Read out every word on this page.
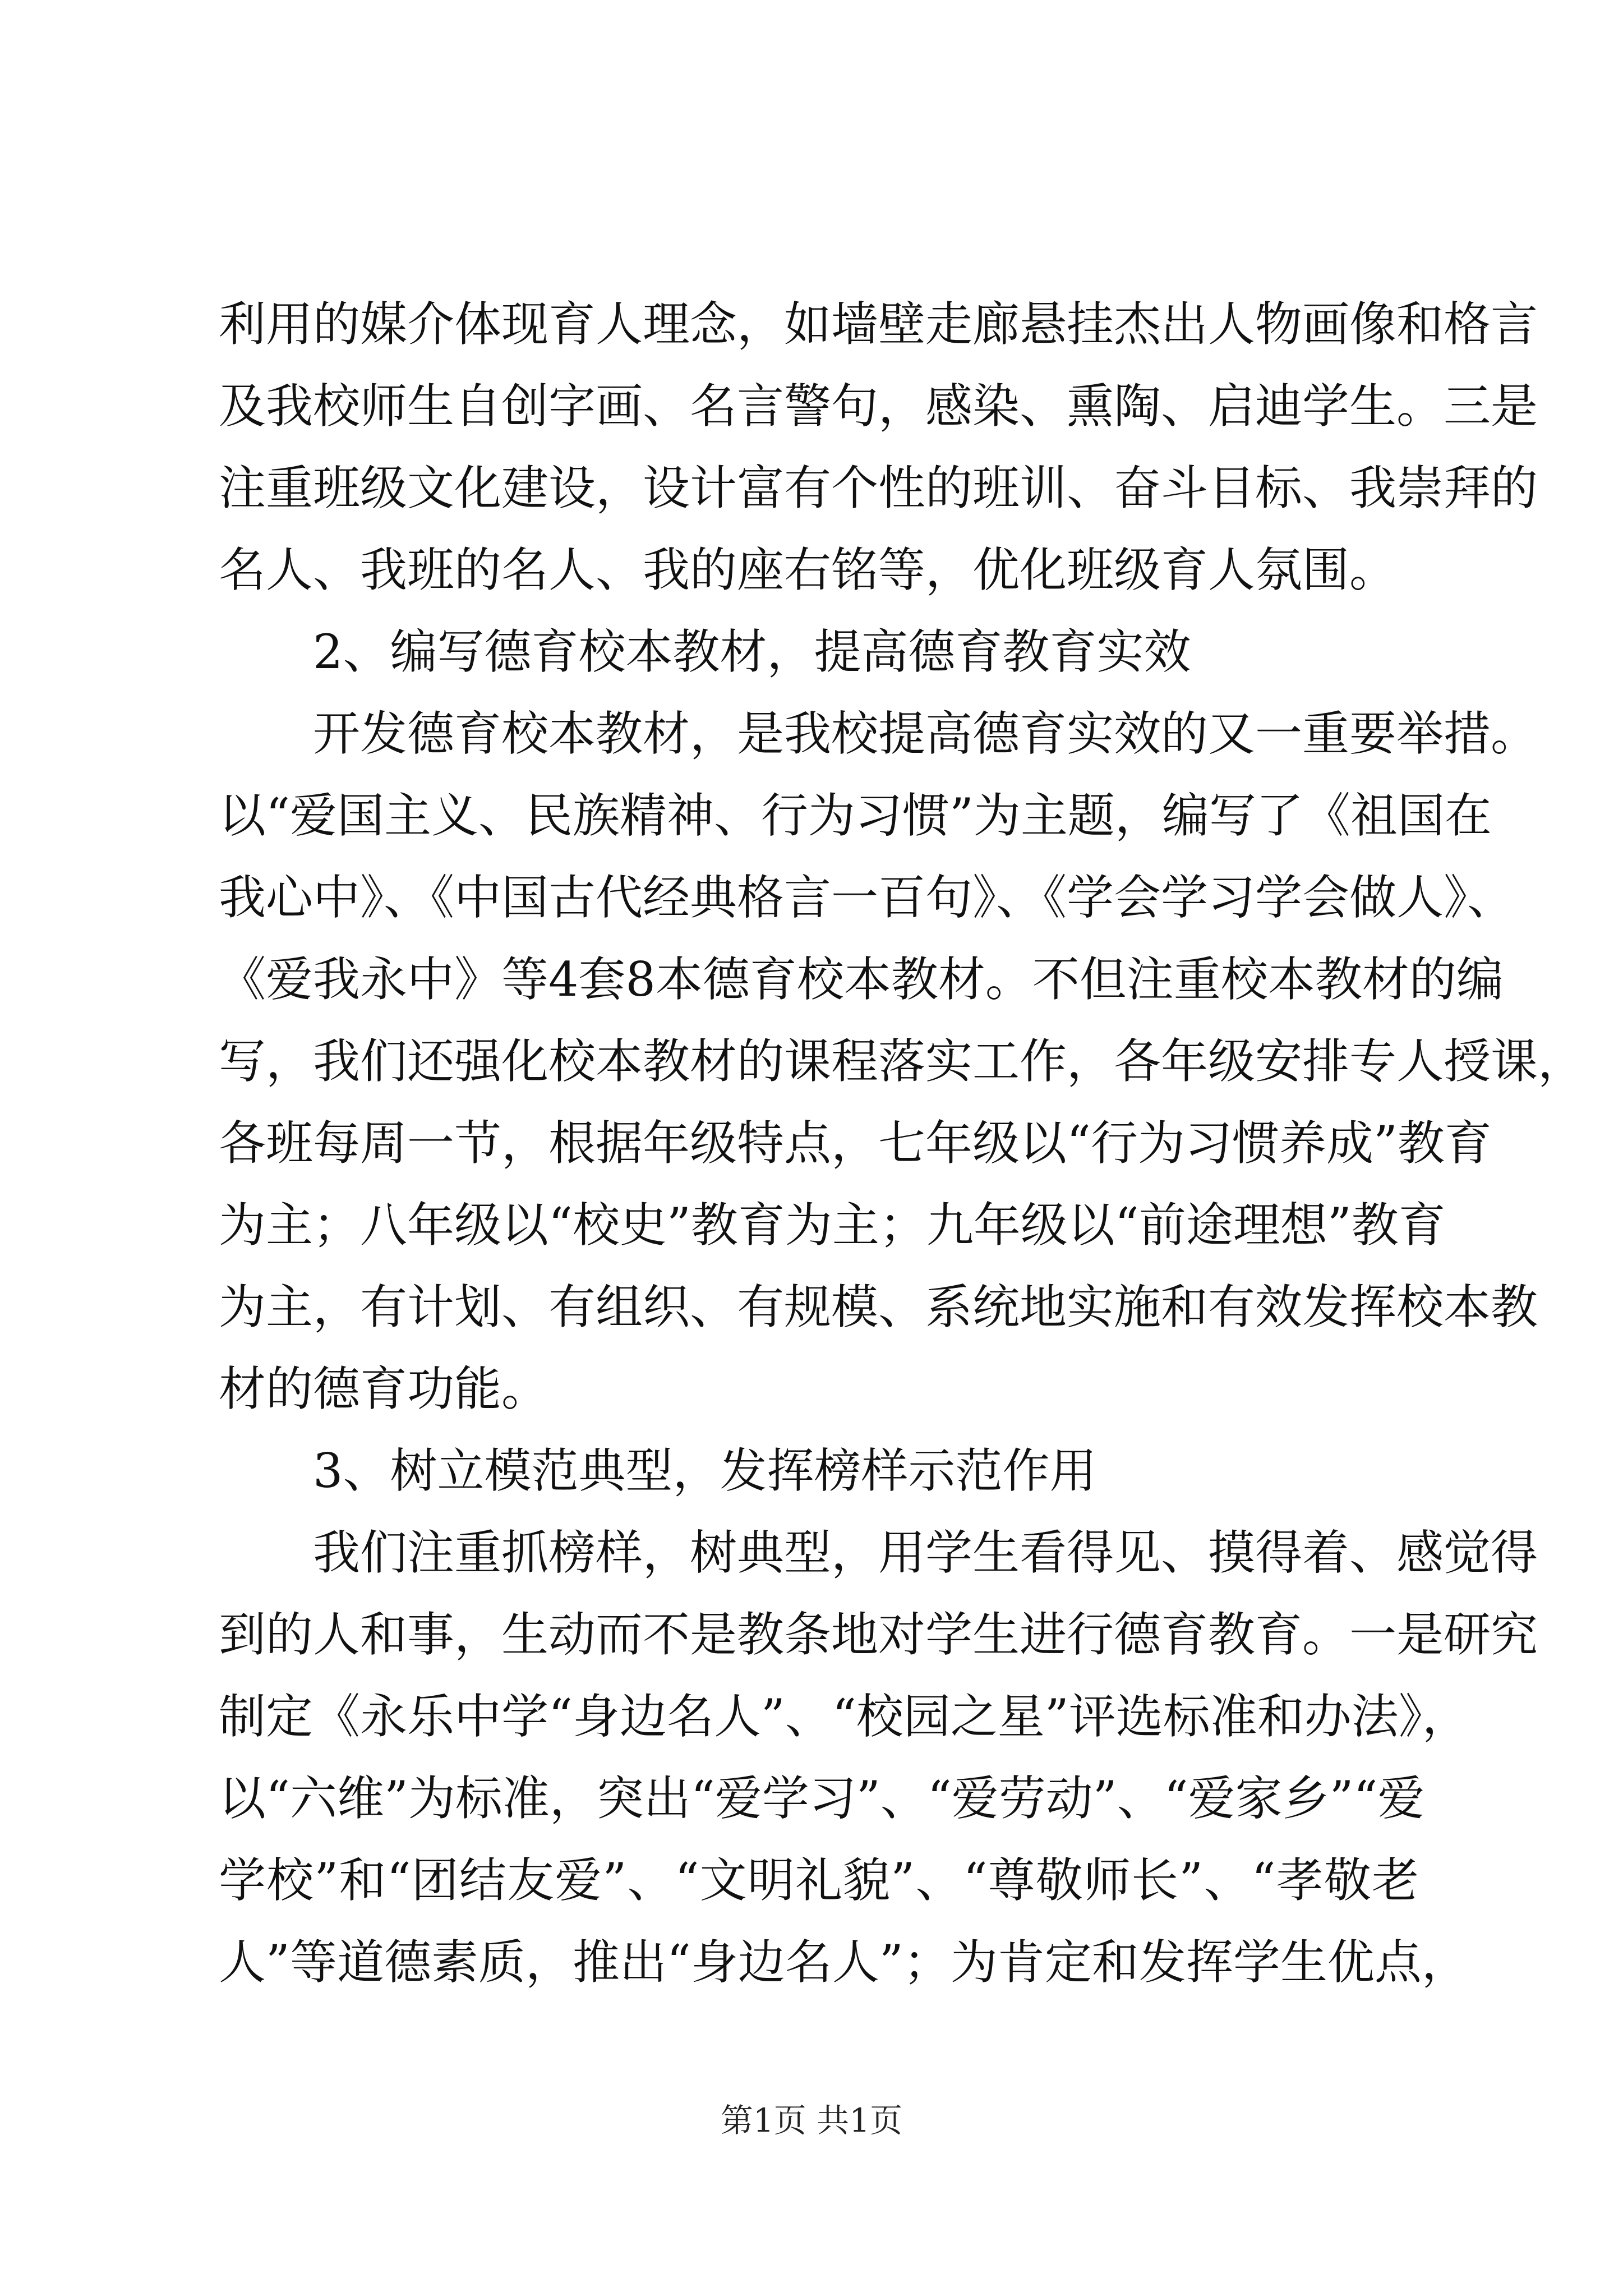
利用的媒介体现育人理念，如墙壁走廊悬挂杰出人物画像和格言
及我校师生自创字画、名言警句，感染、熏陶、启迪学生。三是
注重班级文化建设，设计富有个性的班训、奋斗目标、我崇拜的
名人、我班的名人、我的座右铭等，优化班级育人氛围。
2、编写德育校本教材，提高德育教育实效
开发德育校本教材，是我校提高德育实效的又一重要举措。
以“爱国主义、民族精神、行为习惯”为主题，编写了《祖国在
我心中》、《中国古代经典格言一百句》、《学会学习学会做人》、
《爱我永中》等4套8本德育校本教材。不但注重校本教材的编
写，我们还强化校本教材的课程落实工作，各年级安排专人授课，
各班每周一节，根据年级特点，七年级以“行为习惯养成”教育
为主；八年级以“校史”教育为主；九年级以“前途理想”教育
为主，有计划、有组织、有规模、系统地实施和有效发挥校本教
材的德育功能。
3、树立模范典型，发挥榜样示范作用
我们注重抓榜样，树典型，用学生看得见、摸得着、感觉得
到的人和事，生动而不是教条地对学生进行德育教育。一是研究
制定《永乐中学“身边名人”、“校园之星”评选标准和办法》，
以“六维”为标准，突出“爱学习”、“爱劳动”、“爱家乡”“爱
学校”和“团结友爱”、“文明礼貌”、“尊敬师长”、“孝敬老
人”等道德素质，推出“身边名人”；为肯定和发挥学生优点，
第1页 共1页
